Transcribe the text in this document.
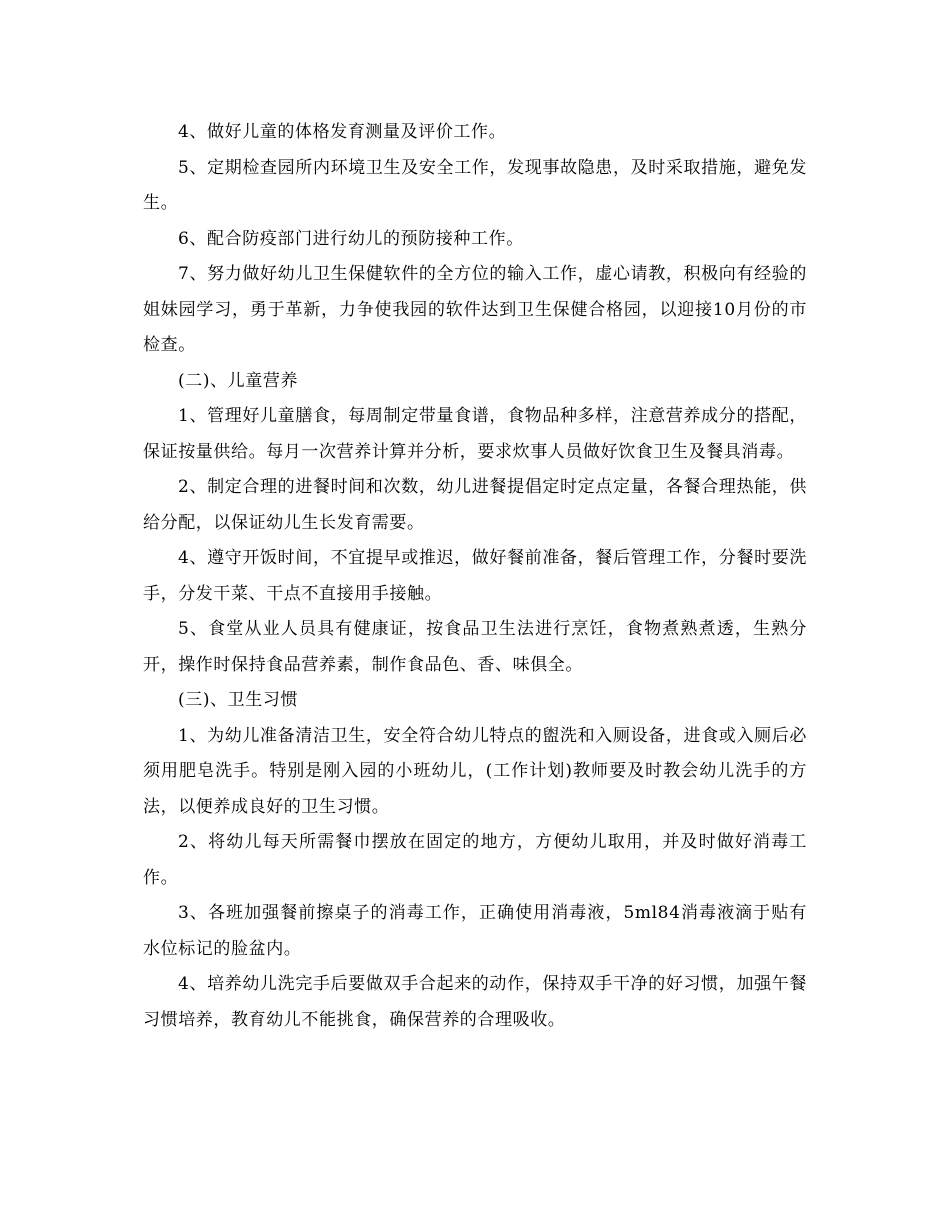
4、做好儿童的体格发育测量及评价工作。

5、定期检查园所内环境卫生及安全工作，发现事故隐患，及时采取措施，避免发生。

6、配合防疫部门进行幼儿的预防接种工作。

7、努力做好幼儿卫生保健软件的全方位的输入工作，虚心请教，积极向有经验的姐妹园学习，勇于革新，力争使我园的软件达到卫生保健合格园，以迎接10月份的市检查。

(二)、儿童营养

1、管理好儿童膳食，每周制定带量食谱，食物品种多样，注意营养成分的搭配，保证按量供给。每月一次营养计算并分析，要求炊事人员做好饮食卫生及餐具消毒。

2、制定合理的进餐时间和次数，幼儿进餐提倡定时定点定量，各餐合理热能，供给分配，以保证幼儿生长发育需要。

4、遵守开饭时间，不宜提早或推迟，做好餐前准备，餐后管理工作，分餐时要洗手，分发干菜、干点不直接用手接触。

5、食堂从业人员具有健康证，按食品卫生法进行烹饪，食物煮熟煮透，生熟分开，操作时保持食品营养素，制作食品色、香、味俱全。

(三)、卫生习惯

1、为幼儿准备清洁卫生，安全符合幼儿特点的盥洗和入厕设备，进食或入厕后必须用肥皂洗手。特别是刚入园的小班幼儿，(工作计划)教师要及时教会幼儿洗手的方法，以便养成良好的卫生习惯。

2、将幼儿每天所需餐巾摆放在固定的地方，方便幼儿取用，并及时做好消毒工作。

3、各班加强餐前擦桌子的消毒工作，正确使用消毒液，5ml84消毒液滴于贴有水位标记的脸盆内。

4、培养幼儿洗完手后要做双手合起来的动作，保持双手干净的好习惯，加强午餐习惯培养，教育幼儿不能挑食，确保营养的合理吸收。
